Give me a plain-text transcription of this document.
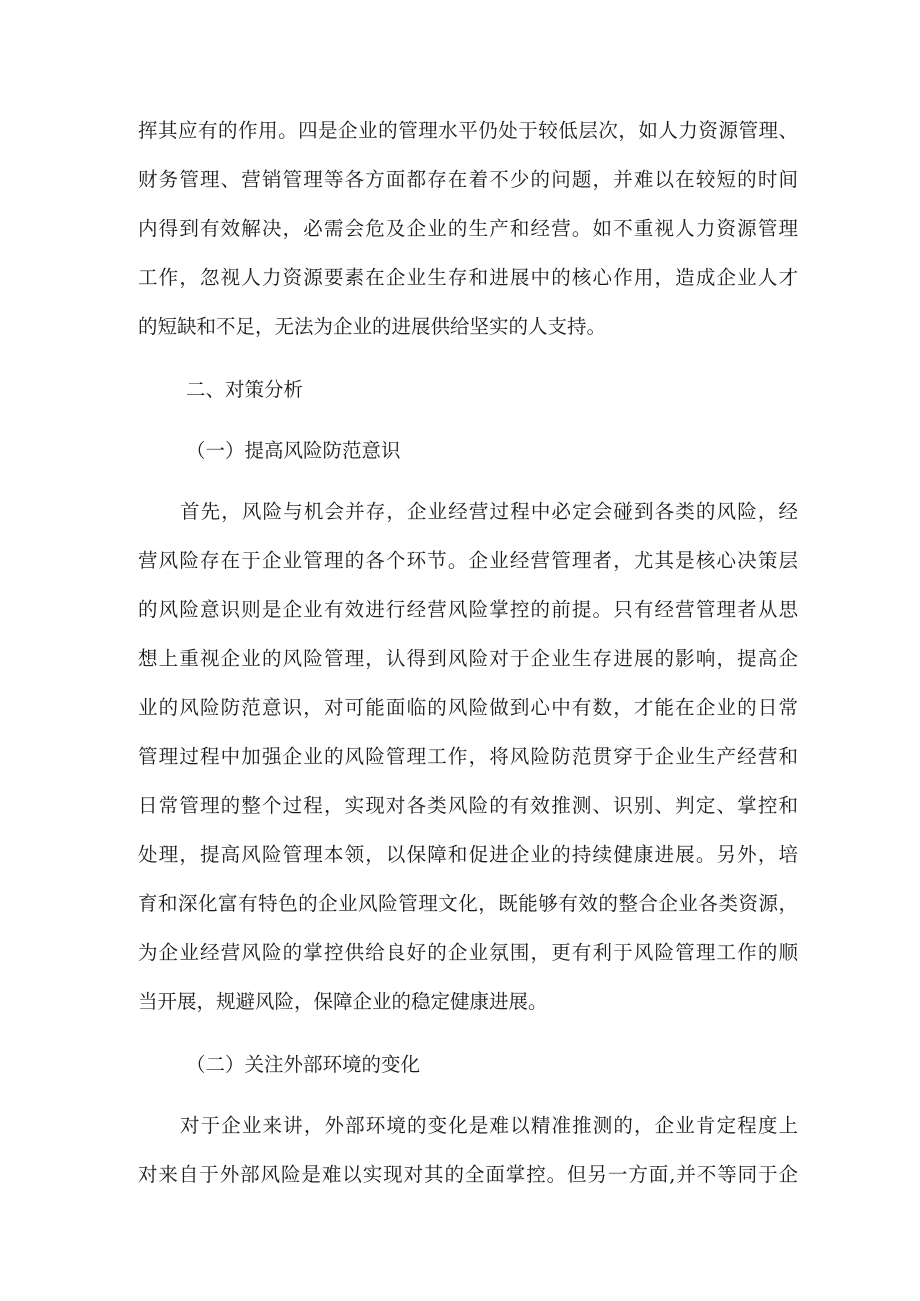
挥其应有的作用。四是企业的管理水平仍处于较低层次，如人力资源管理、
财务管理、营销管理等各方面都存在着不少的问题，并难以在较短的时间
内得到有效解决，必需会危及企业的生产和经营。如不重视人力资源管理
工作，忽视人力资源要素在企业生存和进展中的核心作用，造成企业人才
的短缺和不足，无法为企业的进展供给坚实的人支持。
二、对策分析
（一）提高风险防范意识
首先，风险与机会并存，企业经营过程中必定会碰到各类的风险，经
营风险存在于企业管理的各个环节。企业经营管理者，尤其是核心决策层
的风险意识则是企业有效进行经营风险掌控的前提。只有经营管理者从思
想上重视企业的风险管理，认得到风险对于企业生存进展的影响，提高企
业的风险防范意识，对可能面临的风险做到心中有数，才能在企业的日常
管理过程中加强企业的风险管理工作，将风险防范贯穿于企业生产经营和
日常管理的整个过程，实现对各类风险的有效推测、识别、判定、掌控和
处理，提高风险管理本领，以保障和促进企业的持续健康进展。另外，培
育和深化富有特色的企业风险管理文化，既能够有效的整合企业各类资源，
为企业经营风险的掌控供给良好的企业氛围，更有利于风险管理工作的顺
当开展，规避风险，保障企业的稳定健康进展。
（二）关注外部环境的变化
对于企业来讲，外部环境的变化是难以精准推测的，企业肯定程度上
对来自于外部风险是难以实现对其的全面掌控。但另一方面,并不等同于企
